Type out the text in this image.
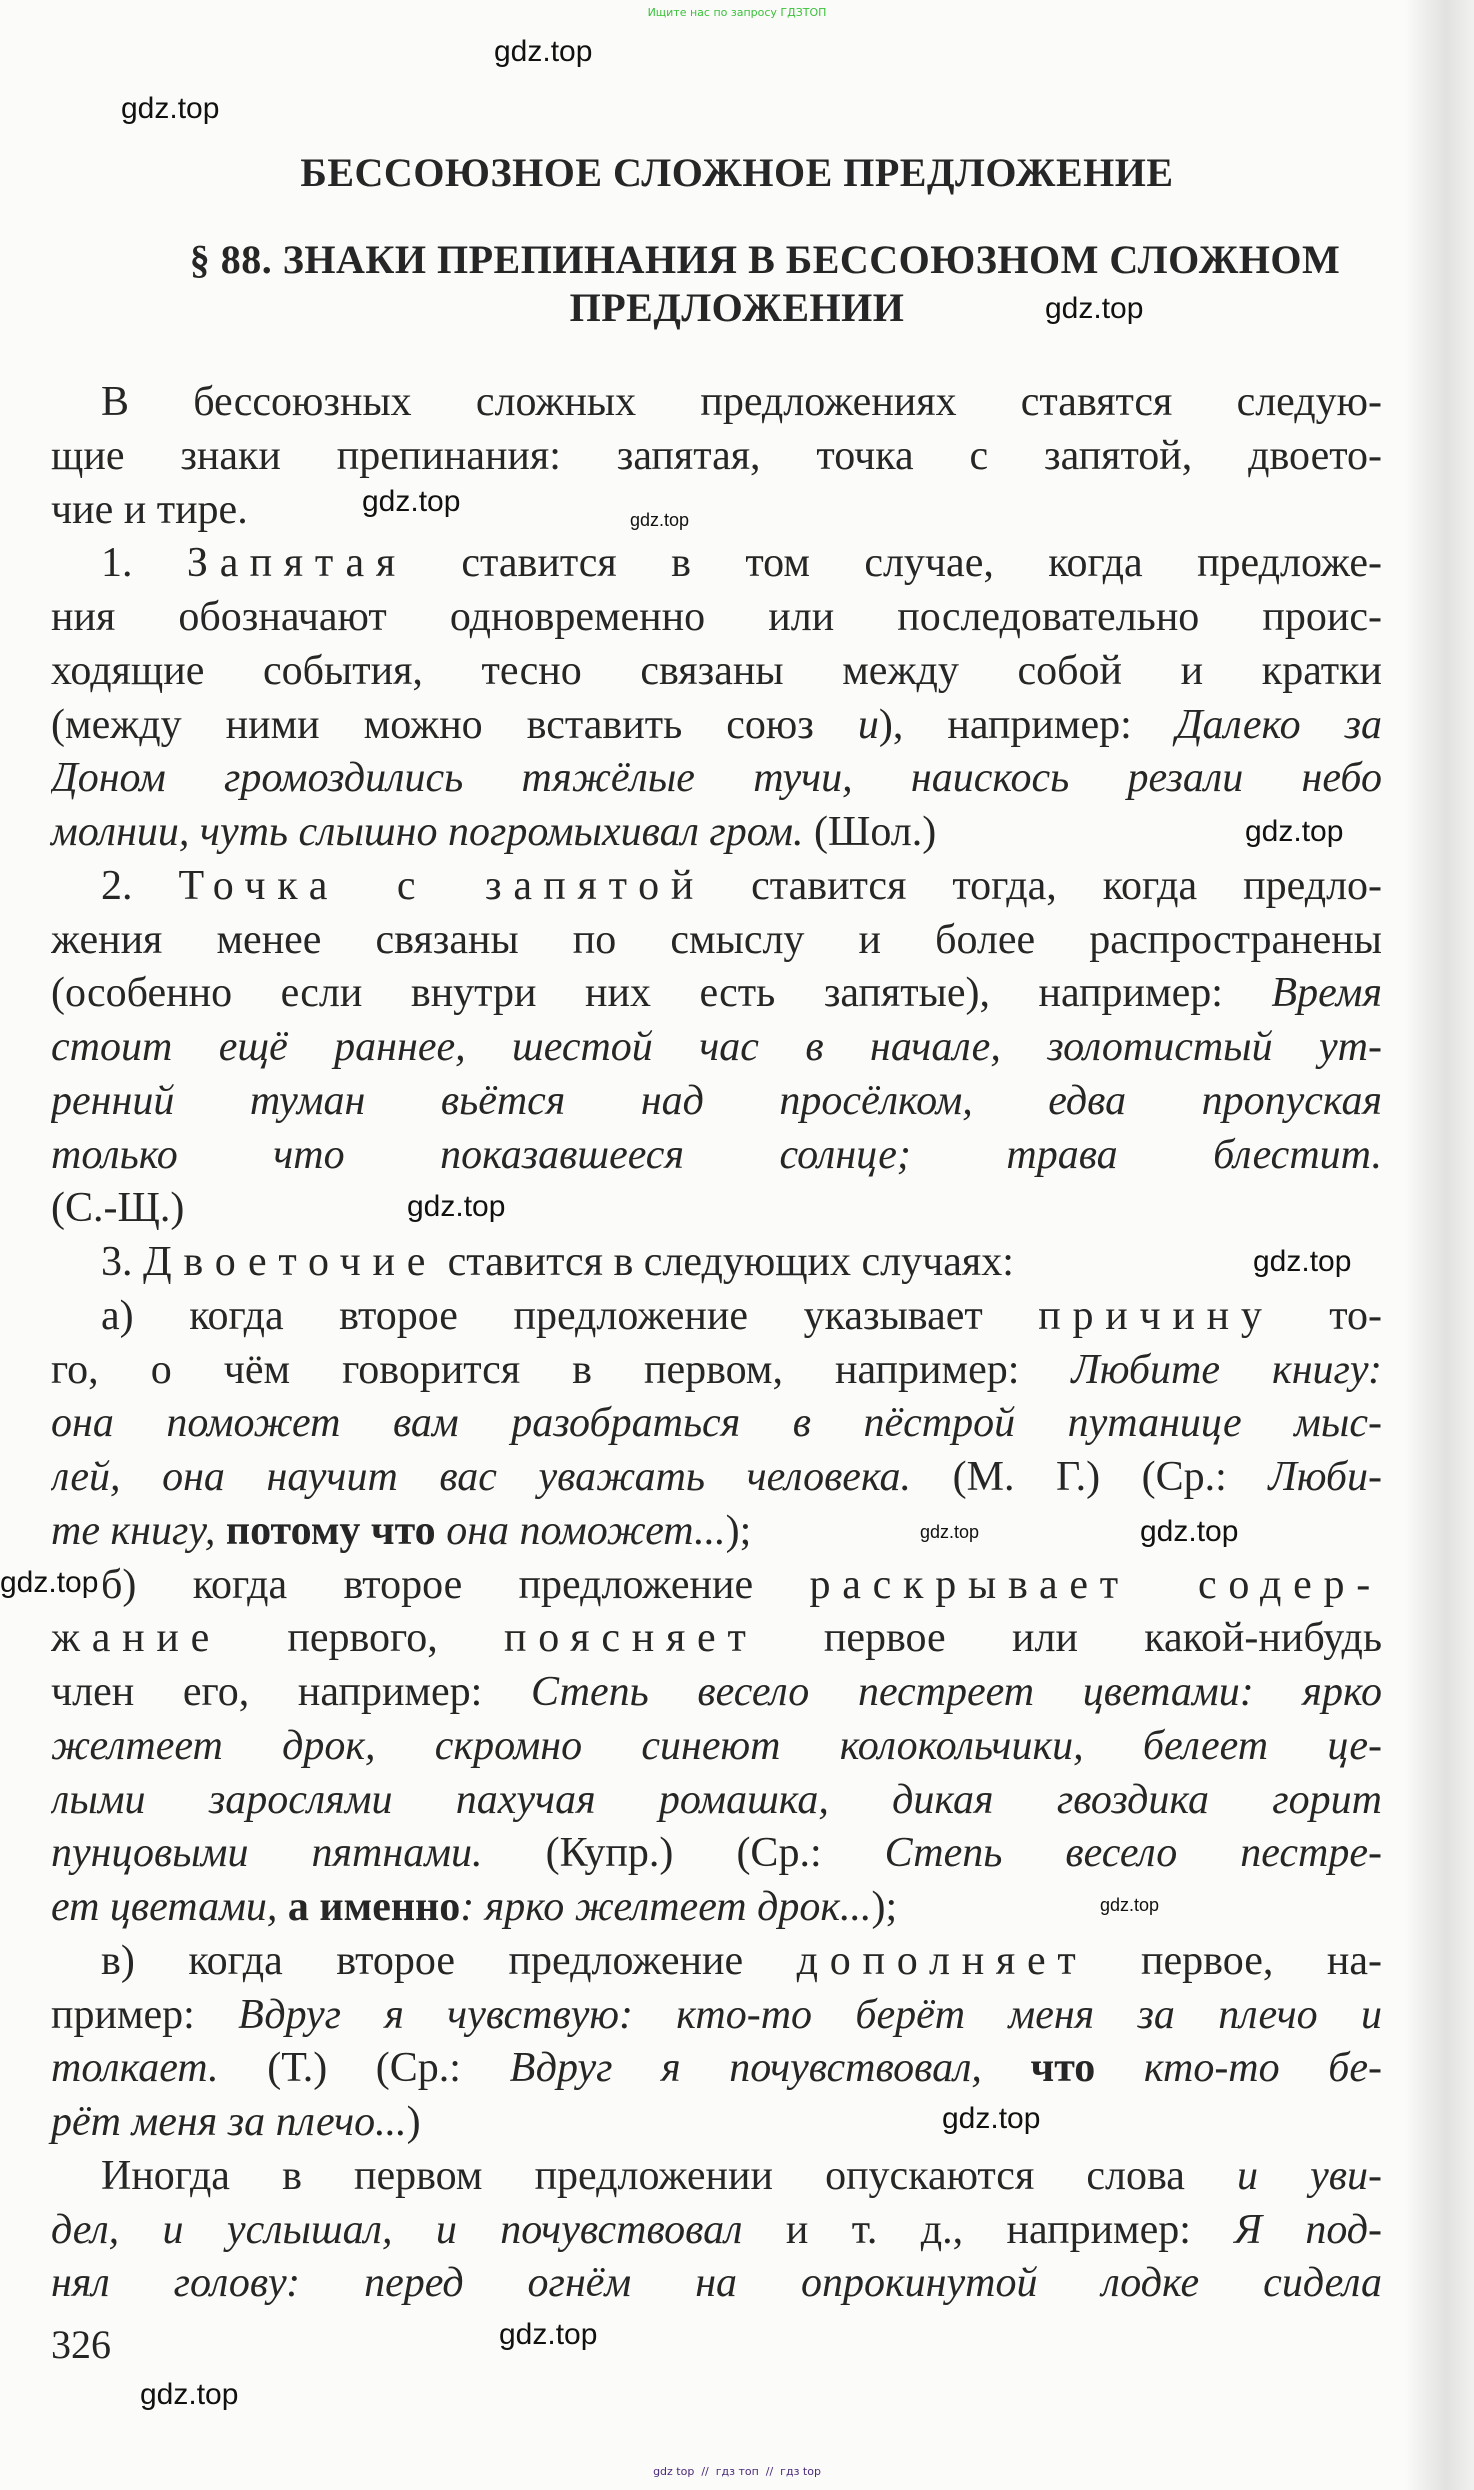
Ищите нас по запросу ГДЗТОП
БЕССОЮЗНОЕ СЛОЖНОЕ ПРЕДЛОЖЕНИЕ
§ 88. ЗНАКИ ПРЕПИНАНИЯ В БЕССОЮЗНОМ СЛОЖНОМ
ПРЕДЛОЖЕНИИ
В бессоюзных сложных предложениях ставятся следую-
щие знаки препинания: запятая, точка с запятой, двоето-
чие и тире.
1. Запятая ставится в том случае, когда предложе-
ния обозначают одновременно или последовательно проис-
ходящие события, тесно связаны между собой и кратки
(между ними можно вставить союз и), например: Далеко за
Доном громоздились тяжёлые тучи, наискось резали небо
молнии, чуть слышно погромыхивал гром. (Шол.)
2. Точка с запятой ставится тогда, когда предло-
жения менее связаны по смыслу и более распространены
(особенно если внутри них есть запятые), например: Время
стоит ещё раннее, шестой час в начале, золотистый ут-
ренний туман вьётся над просёлком, едва пропуская
только что показавшееся солнце; трава блестит.
(С.-Щ.)
3. Двоеточие ставится в следующих случаях:
а) когда второе предложение указывает причину то-
го, о чём говорится в первом, например: Любите книгу:
она поможет вам разобраться в пёстрой путанице мыс-
лей, она научит вас уважать человека. (М. Г.) (Ср.: Люби-
те книгу, потому что она поможет...);
б) когда второе предложение раскрывает содер-
жание первого, поясняет первое или какой-нибудь
член его, например: Степь весело пестреет цветами: ярко
желтеет дрок, скромно синеют колокольчики, белеет це-
лыми зарослями пахучая ромашка, дикая гвоздика горит
пунцовыми пятнами. (Купр.) (Ср.: Степь весело пестре-
ет цветами, а именно: ярко желтеет дрок...);
в) когда второе предложение дополняет первое, на-
пример: Вдруг я чувствую: кто-то берёт меня за плечо и
толкает. (Т.) (Ср.: Вдруг я почувствовал, что кто-то бе-
рёт меня за плечо...)
Иногда в первом предложении опускаются слова и уви-
дел, и услышал, и почувствовал и т. д., например: Я под-
нял голову: перед огнём на опрокинутой лодке сидела
326
gdz.top
gdz.top
gdz.top
gdz.top
gdz.top
gdz.top
gdz.top
gdz.top
gdz.top	gdz.top
gdz.top
gdz.top
gdz.top
gdz.top
gdz.top
gdz top  //  гдз топ  //  гдз top
